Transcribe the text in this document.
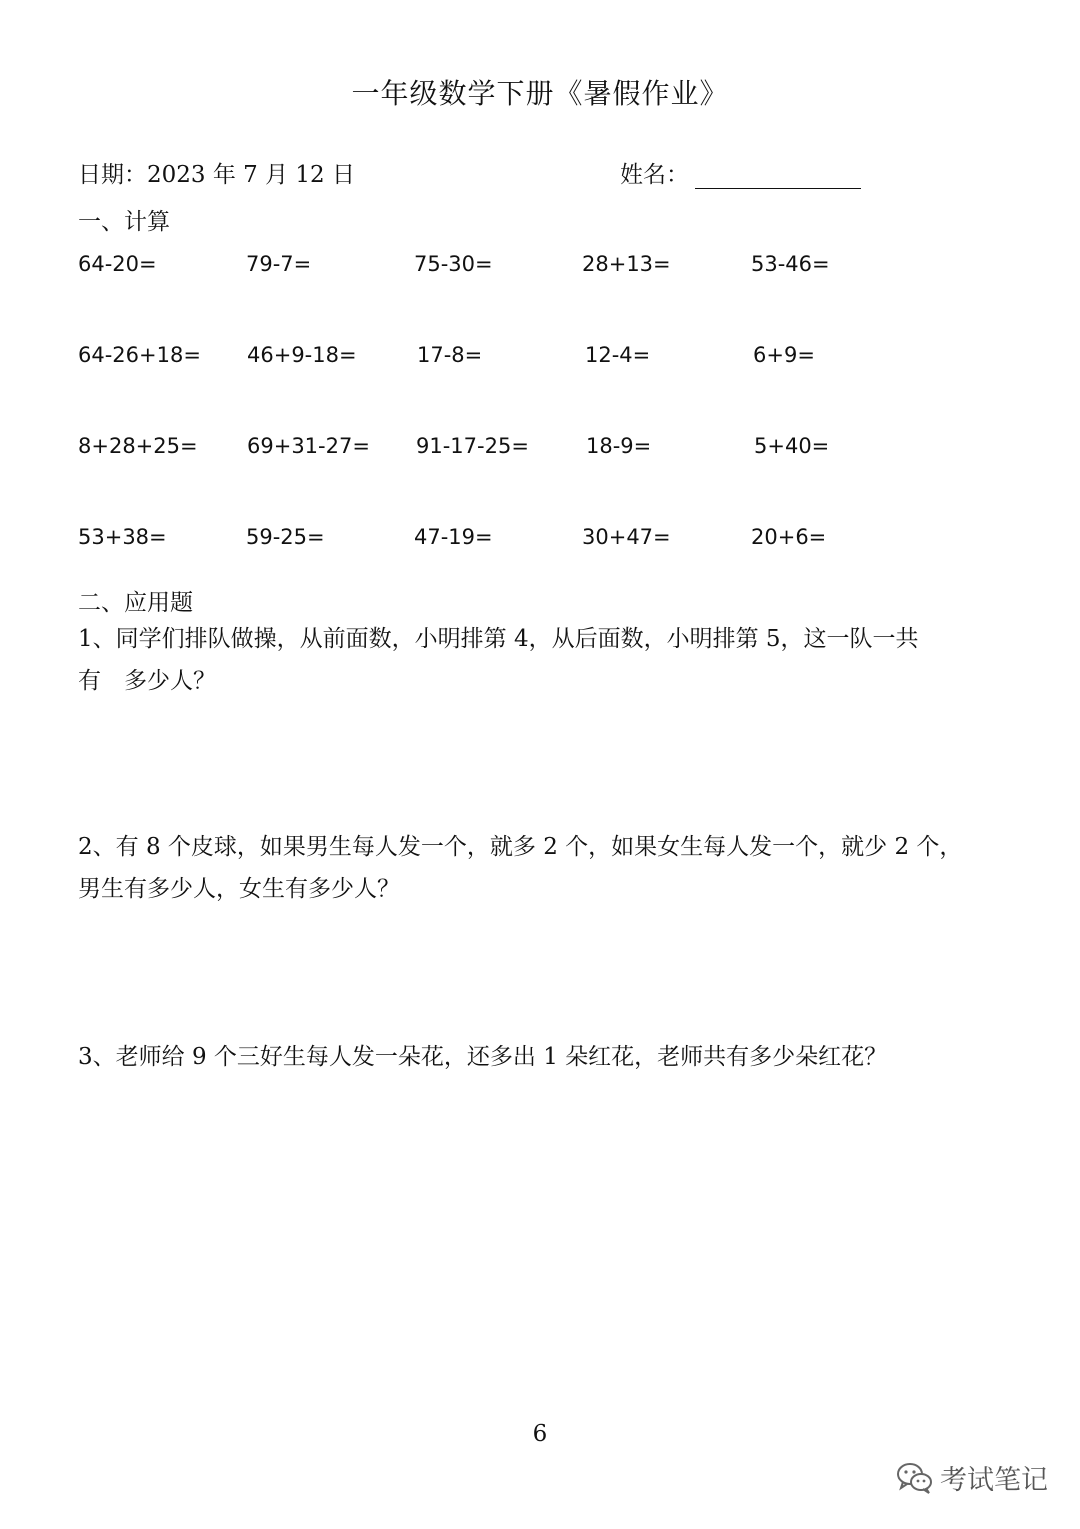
一年级数学下册《暑假作业》
日期：2023 年 7 月 12 日	姓名：
一、计算
64-20=	79-7=	75-30=	28+13=	53-46=
64-26+18= 46+9-18=	17-8=	12-4=	6+9=
8+28+25= 69+31-27= 91-17-25=	18-9=	5+40=
53+38=	59-25=	47-19=	30+47=	20+6=
二、应用题
1、同学们排队做操，从前面数，小明排第 4，从后面数，小明排第 5，这一队一共
有　多少人？
2、有 8 个皮球，如果男生每人发一个，就多 2 个，如果女生每人发一个，就少 2 个，
男生有多少人，女生有多少人？
3、老师给 9 个三好生每人发一朵花，还多出 1 朵红花，老师共有多少朵红花？
6
考试笔记
